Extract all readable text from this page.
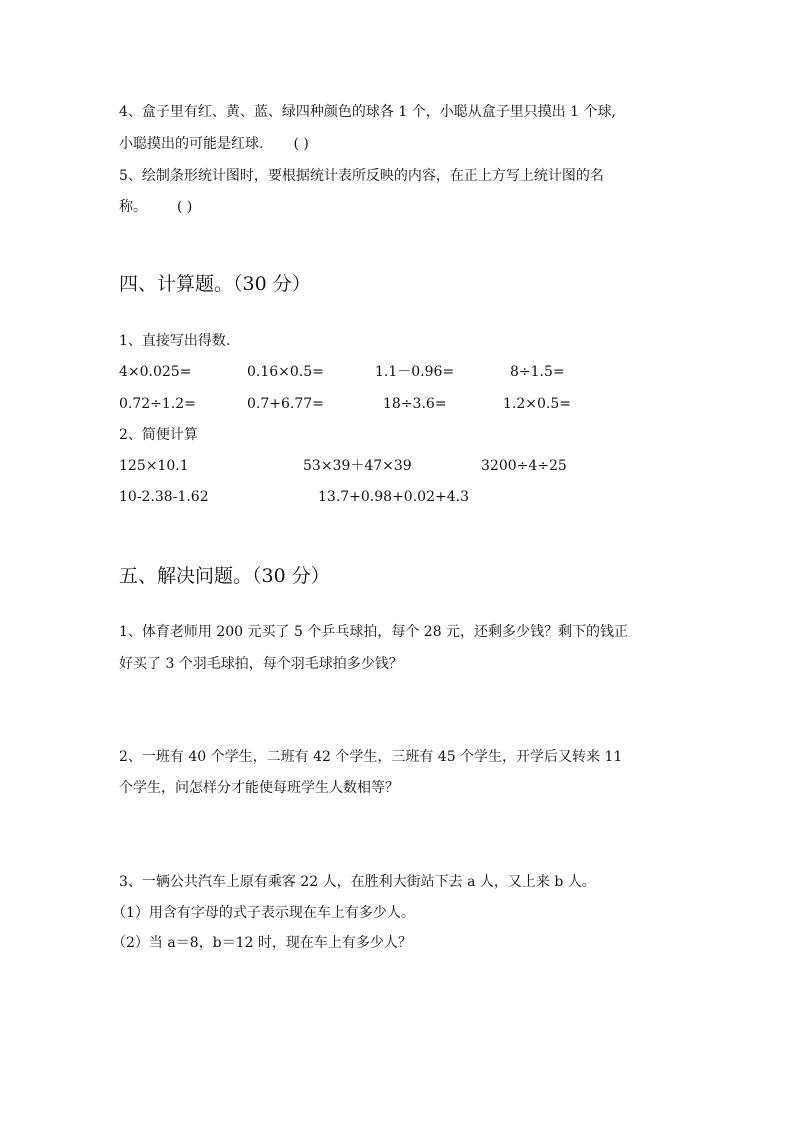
4、盒子里有红、黄、蓝、绿四种颜色的球各 1 个，小聪从盒子里只摸出 1 个球,
小聪摸出的可能是红球. ( )
5、绘制条形统计图时，要根据统计表所反映的内容，在正上方写上统计图的名
称。 ( )
四、计算题。（30 分）
1、直接写出得数.
4×0.025=	0.16×0.5=	1.1－0.96=	8÷1.5=
0.72÷1.2=	0.7+6.77=	18÷3.6=	1.2×0.5=
2、简便计算
125×10.1	53×39＋47×39	3200÷4÷25
10-2.38-1.62	13.7+0.98+0.02+4.3
五、解决问题。（30 分）
1、体育老师用 200 元买了 5 个乒乓球拍，每个 28 元，还剩多少钱？剩下的钱正
好买了 3 个羽毛球拍，每个羽毛球拍多少钱？
2、一班有 40 个学生，二班有 42 个学生，三班有 45 个学生，开学后又转来 11
个学生，问怎样分才能使每班学生人数相等？
3、一辆公共汽车上原有乘客 22 人，在胜利大街站下去 a 人，又上来 b 人。
（1）用含有字母的式子表示现在车上有多少人。
（2）当 a＝8，b＝12 时，现在车上有多少人？
